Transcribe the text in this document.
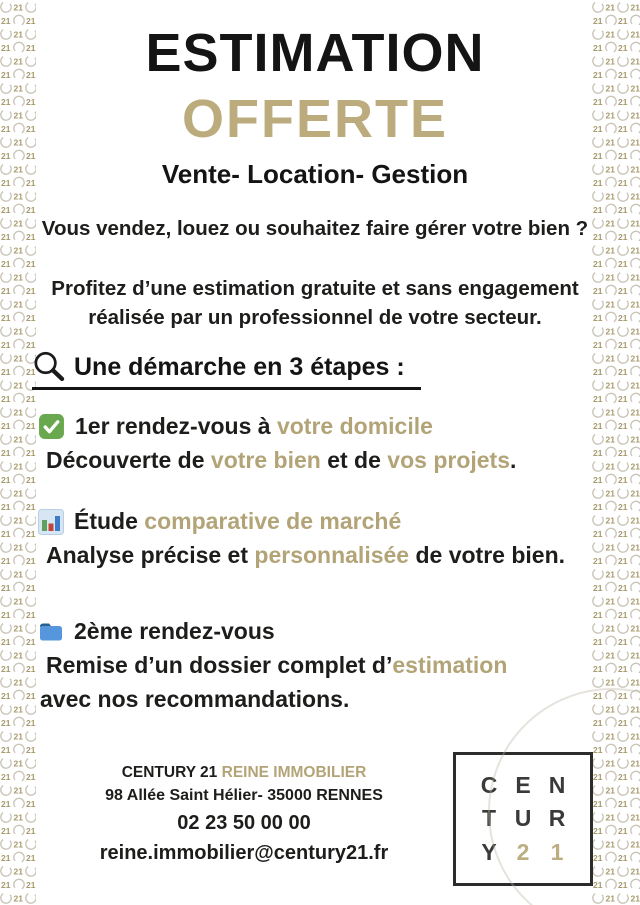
ESTIMATION
OFFERTE
Vente- Location- Gestion
Vous vendez, louez ou souhaitez faire gérer votre bien ?
Profitez d’une estimation gratuite et sans engagement
réalisée par un professionnel de votre secteur.
Une démarche en 3 étapes :
1er rendez-vous à votre domicile
Découverte de votre bien et de vos projets.
Étude comparative de marché
Analyse précise et personnalisée de votre bien.
2ème rendez-vous
Remise d’un dossier complet d’estimation
avec nos recommandations.
CENTURY 21 REINE IMMOBILIER
98 Allée Saint Hélier- 35000 RENNES
02 23 50 00 00
reine.immobilier@century21.fr
C E N
T U R
Y 2 1
